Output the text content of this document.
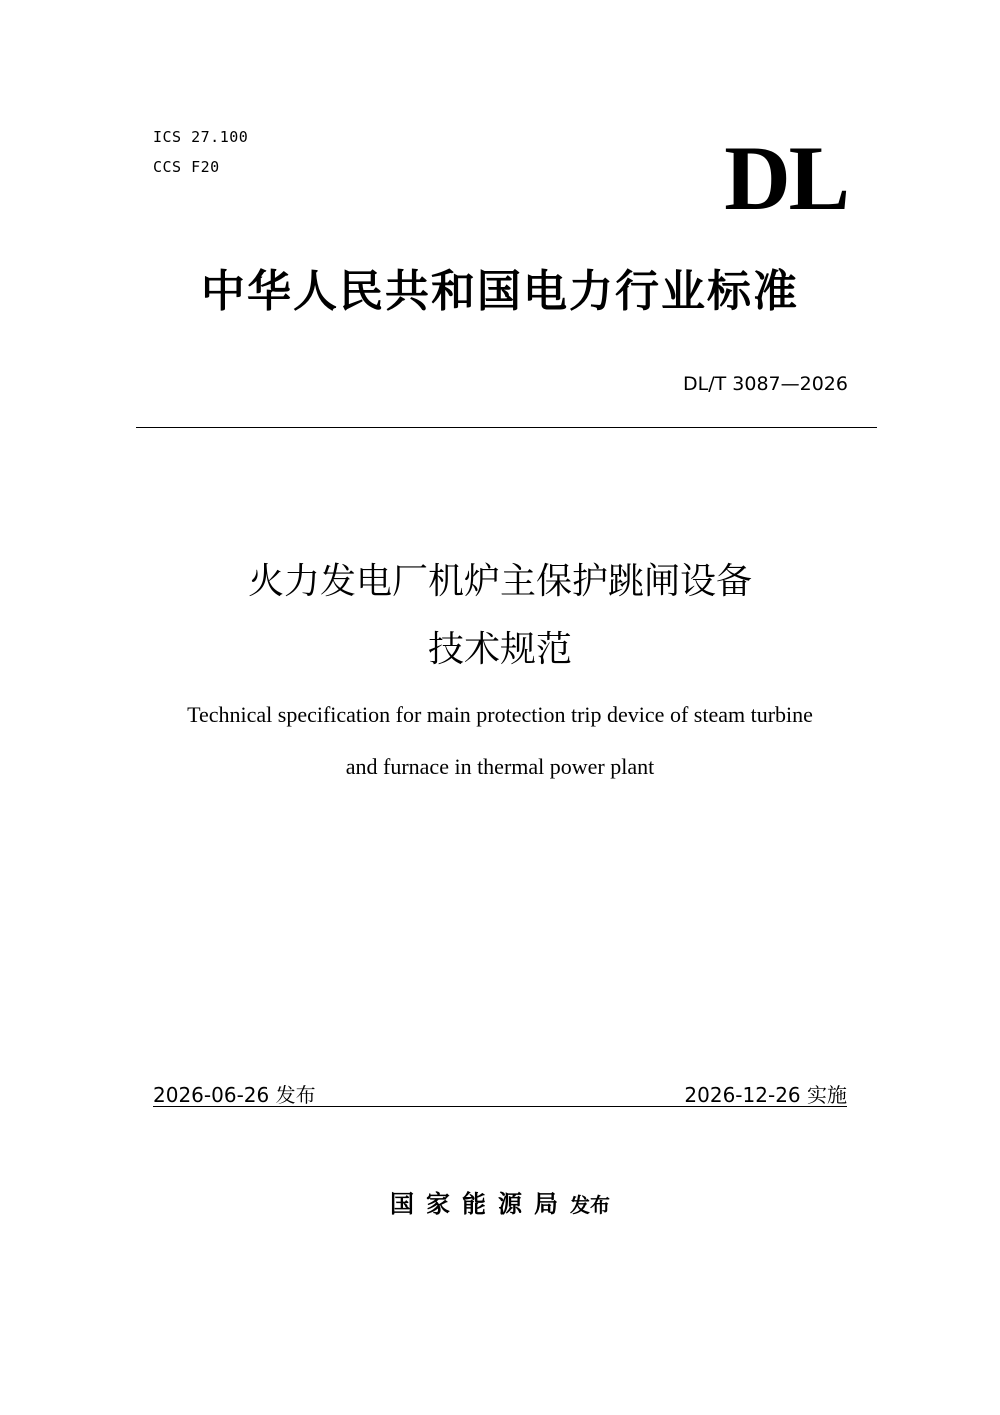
ICS 27.100
CCS F20	DL
中华人民共和国电力行业标准
DL/T 3087—2026
火力发电厂机炉主保护跳闸设备
技术规范
Technical specification for main protection trip device of steam turbine
and furnace in thermal power plant
2026-06-26 发布	2026-12-26 实施
国家能源局发布
